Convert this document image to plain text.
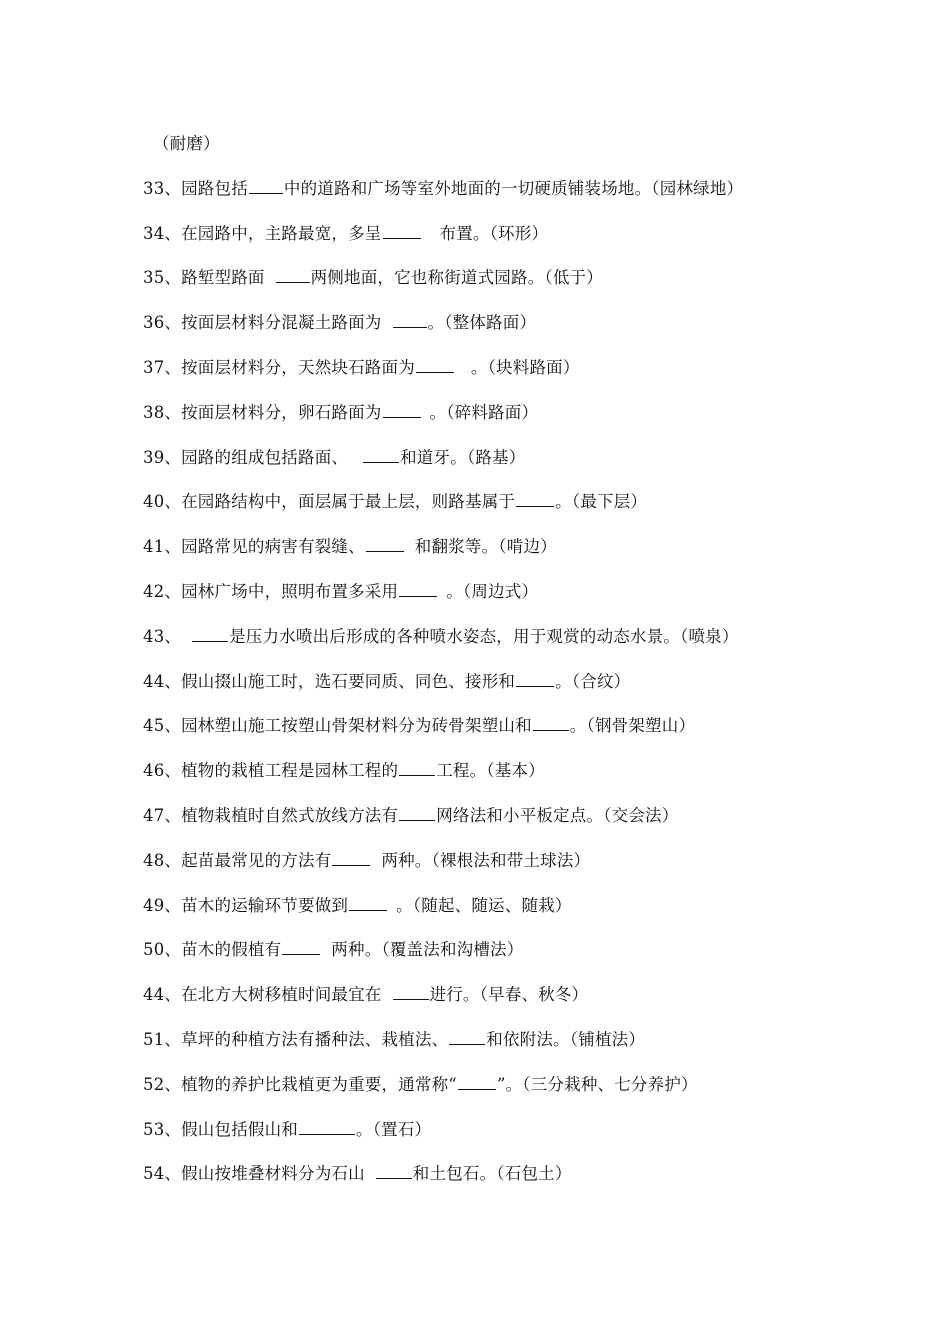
（耐磨）
33、园路包括 中的道路和广场等室外地面的一切硬质铺装场地。（园林绿地）
34、在园路中，主路最宽，多呈	布置。（环形）
35、路堑型路面	两侧地面，它也称街道式园路。（低于）
36、按面层材料分混凝土路面为	。（整体路面）
37、按面层材料分，天然块石路面为	。（块料路面）
38、按面层材料分，卵石路面为	。（碎料路面）
39、园路的组成包括路面、	和道牙。（路基）
40、在园路结构中，面层属于最上层，则路基属于 。（最下层）
41、园路常见的病害有裂缝、	和翻浆等。（啃边）
42、园林广场中，照明布置多采用	。（周边式）
43、	是压力水喷出后形成的各种喷水姿态，用于观赏的动态水景。（喷泉）
44、假山掇山施工时，选石要同质、同色、接形和 。（合纹）
45、园林塑山施工按塑山骨架材料分为砖骨架塑山和 。（钢骨架塑山）
46、植物的栽植工程是园林工程的 工程。（基本）
47、植物栽植时自然式放线方法有 网络法和小平板定点。（交会法）
48、起苗最常见的方法有	两种。（裸根法和带土球法）
49、苗木的运输环节要做到	。（随起、随运、随栽）
50、苗木的假植有	两种。（覆盖法和沟槽法）
44、在北方大树移植时间最宜在	进行。（早春、秋冬）
51、草坪的种植方法有播种法、栽植法、 和依附法。（铺植法）
52、植物的养护比栽植更为重要，通常称“ ”。（三分栽种、七分养护）
53、假山包括假山和	。（置石）
54、假山按堆叠材料分为石山	和土包石。（石包土）
